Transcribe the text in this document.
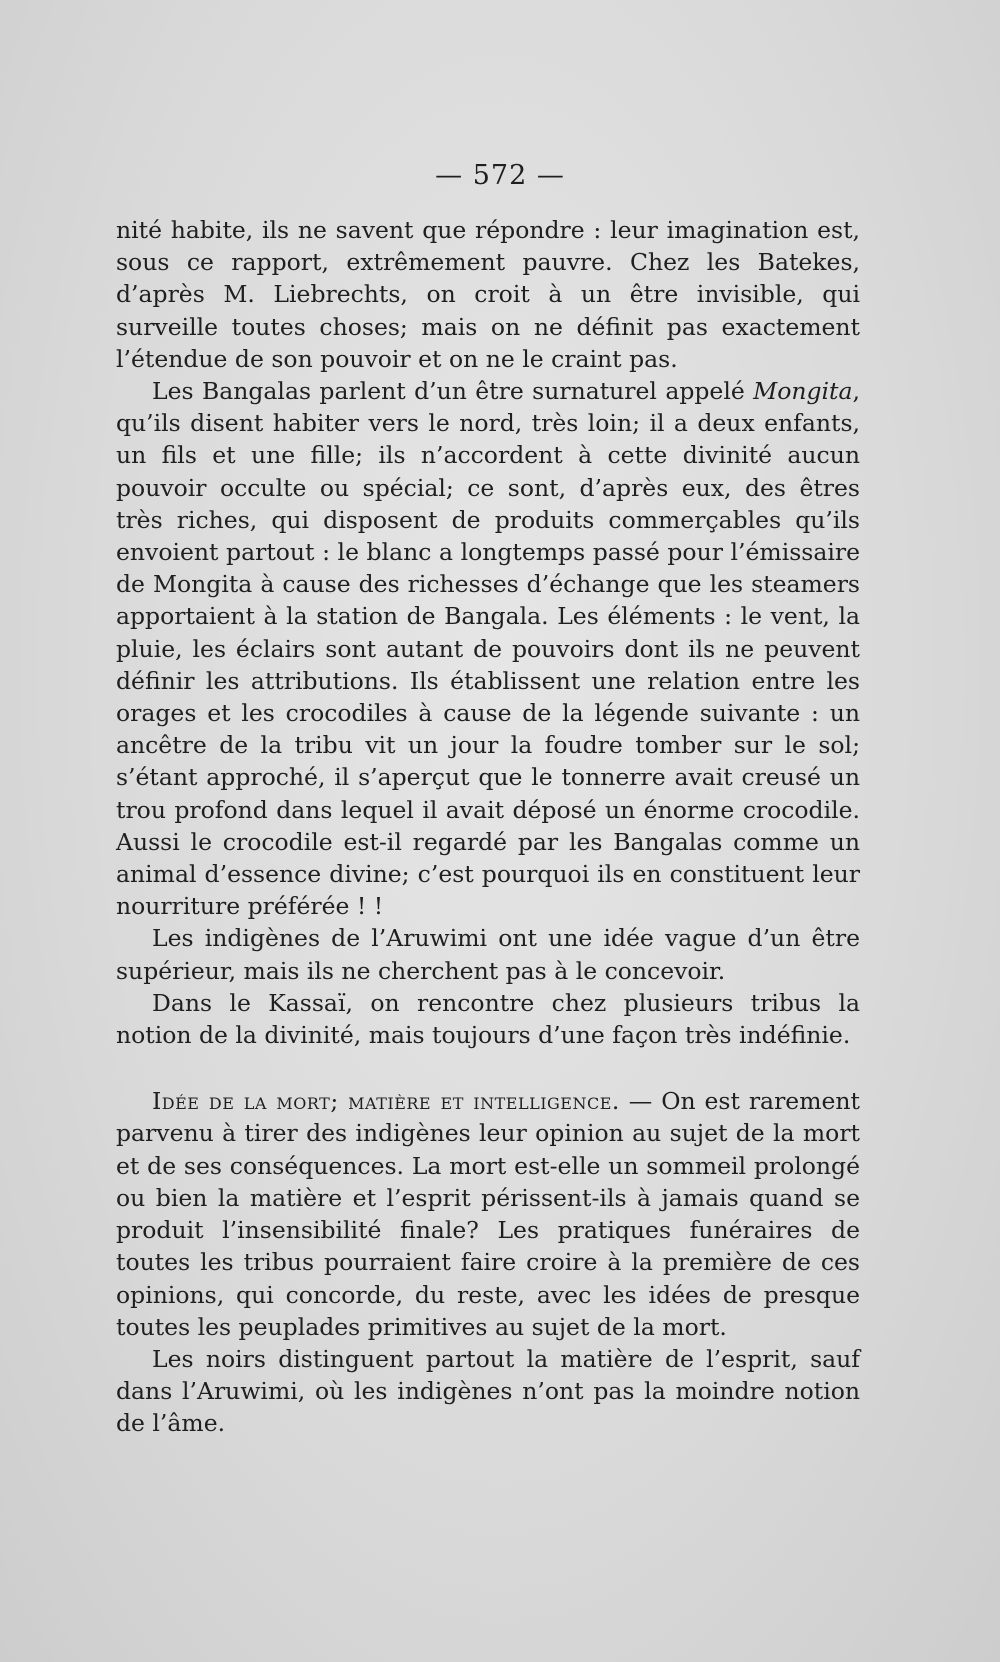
— 572 —

nité habite, ils ne savent que répondre : leur imagination est, sous ce rapport, extrêmement pauvre. Chez les Batekes, d’après M. Liebrechts, on croit à un être invisible, qui surveille toutes choses; mais on ne définit pas exactement l’étendue de son pouvoir et on ne le craint pas.

Les Bangalas parlent d’un être surnaturel appelé Mongita, qu’ils disent habiter vers le nord, très loin; il a deux enfants, un fils et une fille; ils n’accordent à cette divinité aucun pouvoir occulte ou spécial; ce sont, d’après eux, des êtres très riches, qui disposent de produits commerçables qu’ils envoient partout : le blanc a longtemps passé pour l’émissaire de Mongita à cause des richesses d’échange que les steamers apportaient à la station de Bangala. Les éléments : le vent, la pluie, les éclairs sont autant de pouvoirs dont ils ne peuvent définir les attributions. Ils établissent une relation entre les orages et les crocodiles à cause de la légende suivante : un ancêtre de la tribu vit un jour la foudre tomber sur le sol; s’étant approché, il s’aperçut que le tonnerre avait creusé un trou profond dans lequel il avait déposé un énorme crocodile. Aussi le crocodile est-il regardé par les Bangalas comme un animal d’essence divine; c’est pourquoi ils en constituent leur nourriture préférée ! !

Les indigènes de l’Aruwimi ont une idée vague d’un être supérieur, mais ils ne cherchent pas à le concevoir.

Dans le Kassaï, on rencontre chez plusieurs tribus la notion de la divinité, mais toujours d’une façon très indéfinie.

Idée de la mort; matière et intelligence. — On est rarement parvenu à tirer des indigènes leur opinion au sujet de la mort et de ses conséquences. La mort est-elle un sommeil prolongé ou bien la matière et l’esprit périssent-ils à jamais quand se produit l’insensibilité finale? Les pratiques funéraires de toutes les tribus pourraient faire croire à la première de ces opinions, qui concorde, du reste, avec les idées de presque toutes les peuplades primitives au sujet de la mort.

Les noirs distinguent partout la matière de l’esprit, sauf dans l’Aruwimi, où les indigènes n’ont pas la moindre notion de l’âme.
